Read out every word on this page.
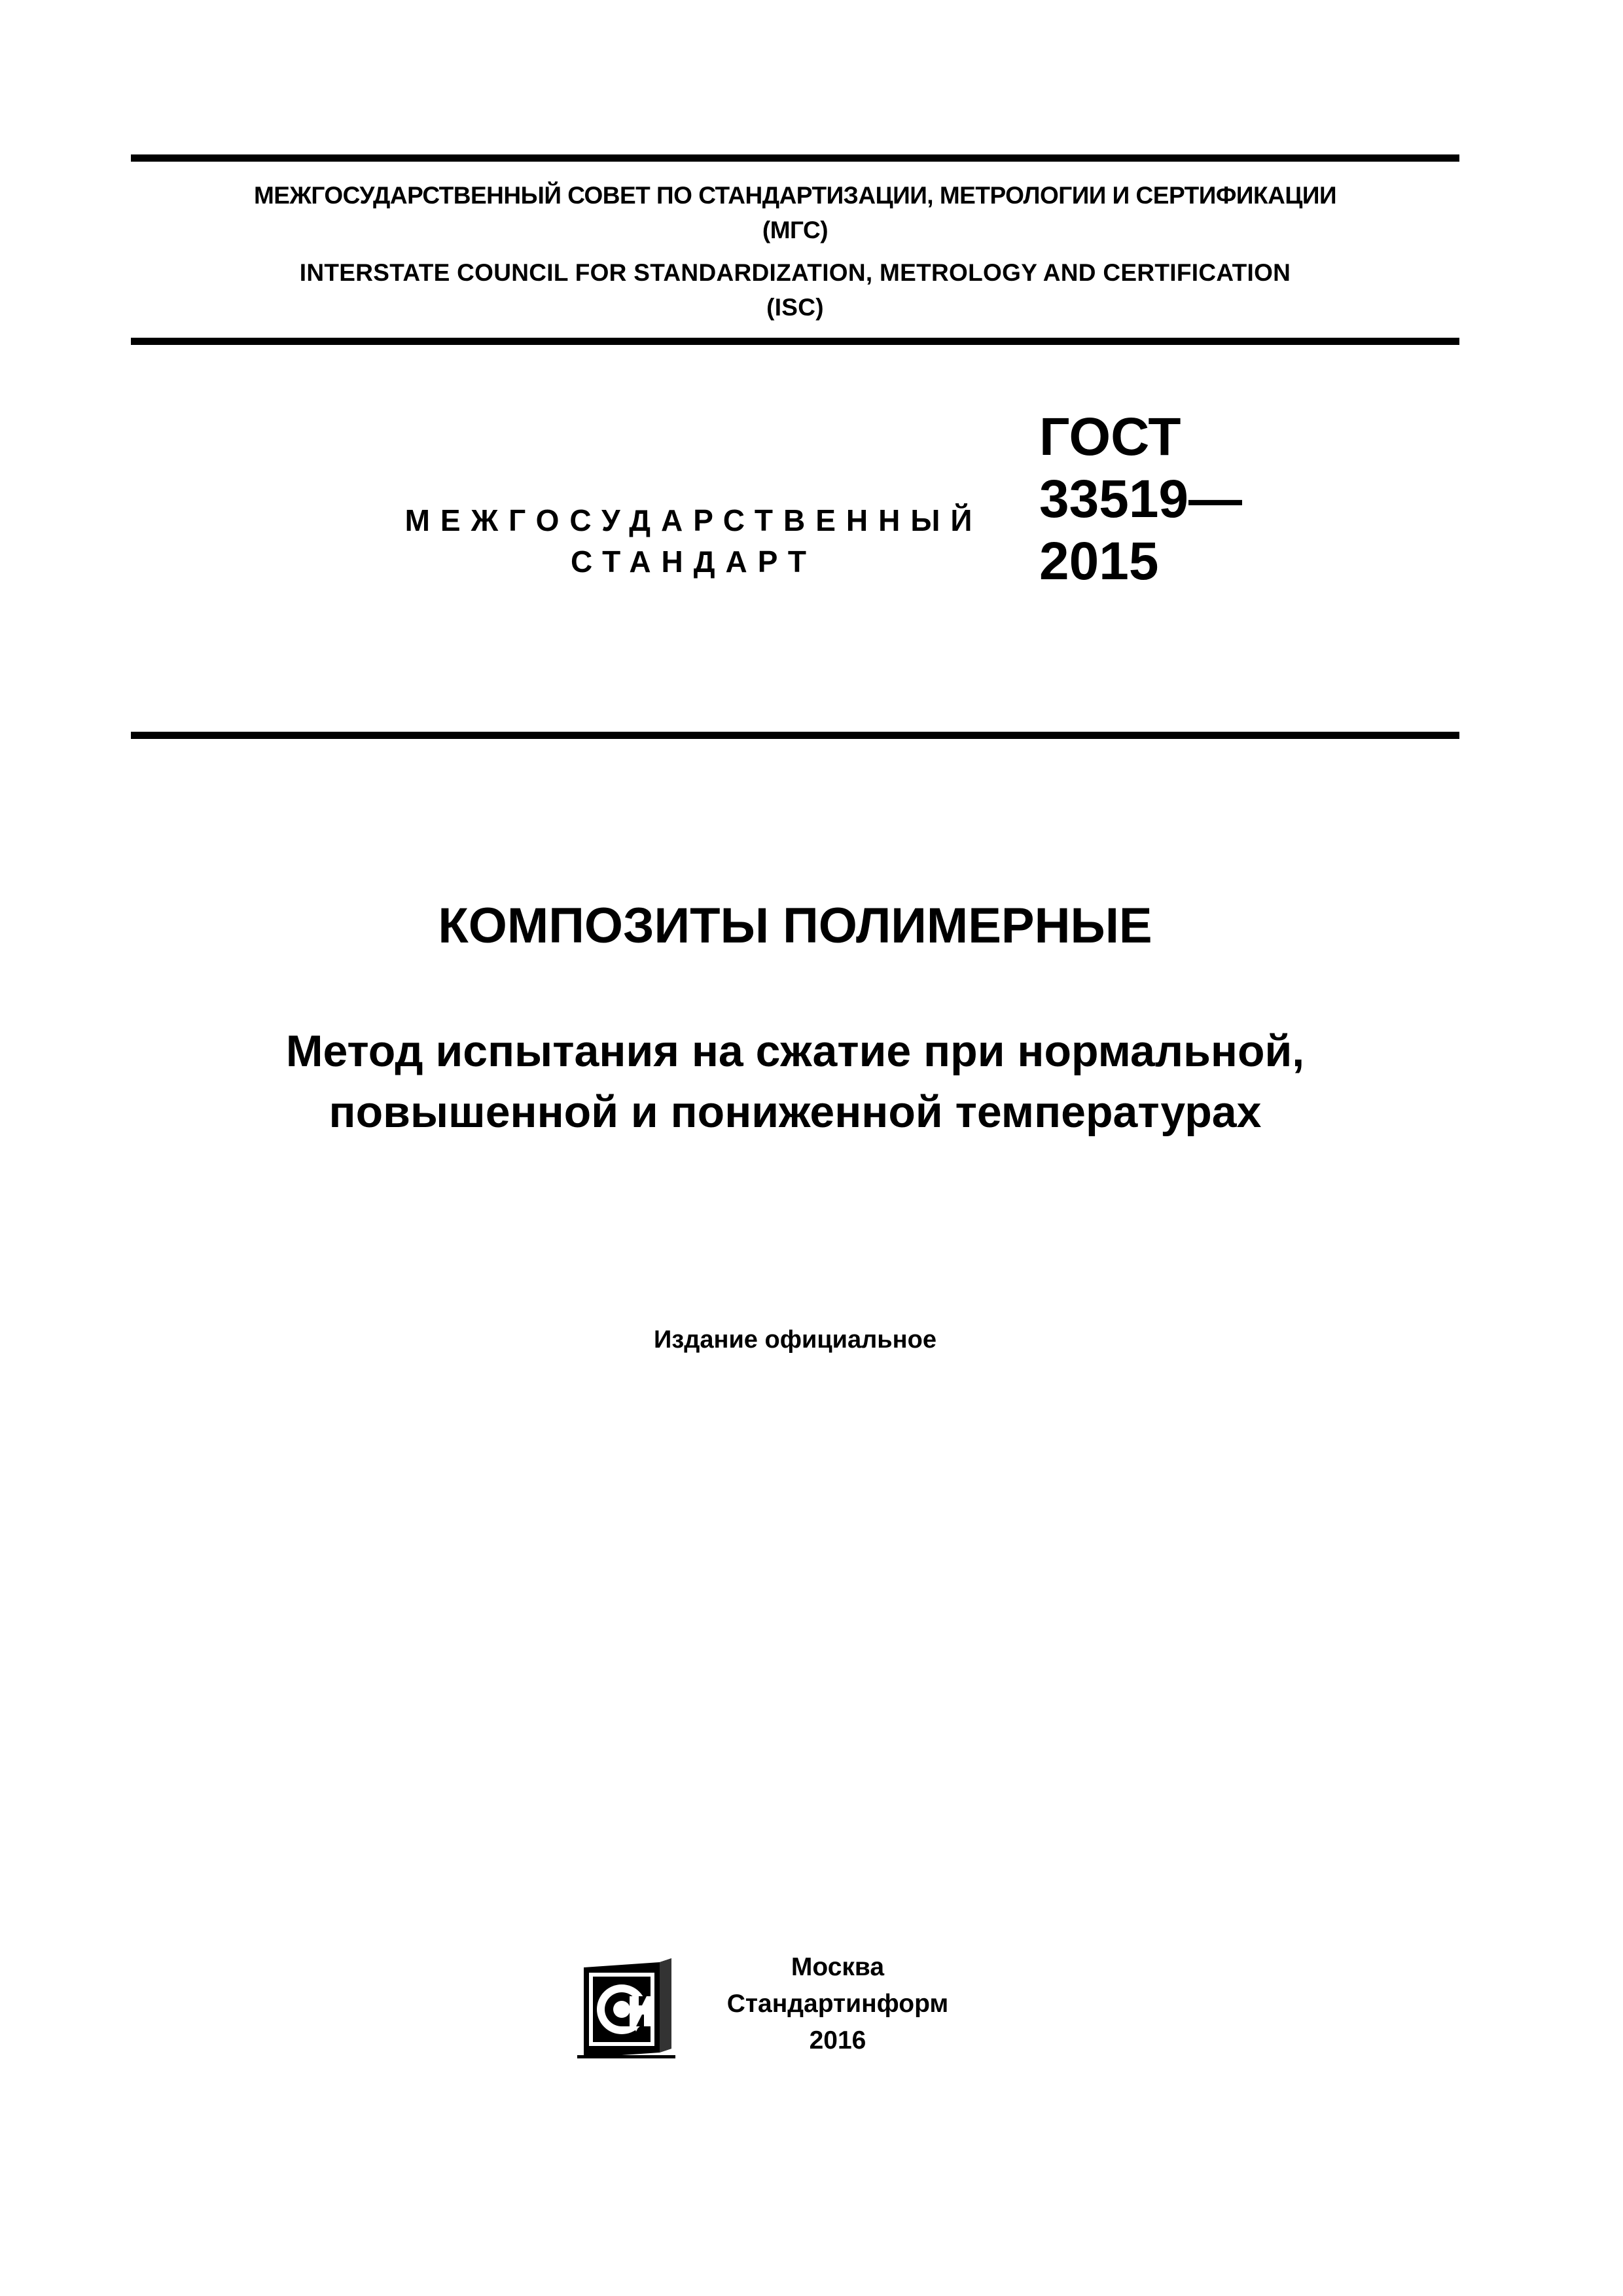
МЕЖГОСУДАРСТВЕННЫЙ СОВЕТ ПО СТАНДАРТИЗАЦИИ, МЕТРОЛОГИИ И СЕРТИФИКАЦИИ
(МГС)
INTERSTATE COUNCIL FOR STANDARDIZATION, METROLOGY AND CERTIFICATION
(ISC)
МЕЖГОСУДАРСТВЕННЫЙ
СТАНДАРТ
ГОСТ
33519—
2015
КОМПОЗИТЫ ПОЛИМЕРНЫЕ
Метод испытания на сжатие при нормальной,
повышенной и пониженной температурах
Издание официальное
Москва
Стандартинформ
2016
